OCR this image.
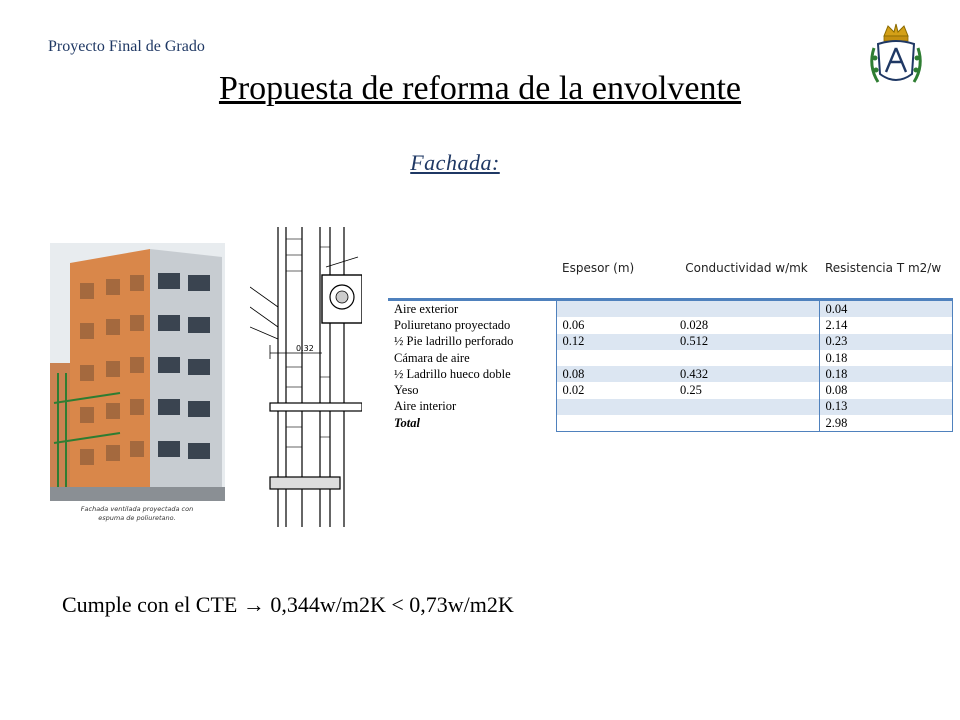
Proyecto Final de Grado
Propuesta de reforma de la envolvente
Fachada:
Fachada ventilada proyectada con
espuma de poliuretano.
0.32
	Espesor (m)	Conductividad w/mk	Resistencia T m2/w
Aire exterior			0.04
Poliuretano proyectado	0.06	0.028	2.14
½ Pie ladrillo perforado	0.12	0.512	0.23
Cámara de aire			0.18
½ Ladrillo hueco doble	0.08	0.432	0.18
Yeso	0.02	0.25	0.08
Aire interior			0.13
Total			2.98
Cumple con el CTE → 0,344w/m2K < 0,73w/m2K
